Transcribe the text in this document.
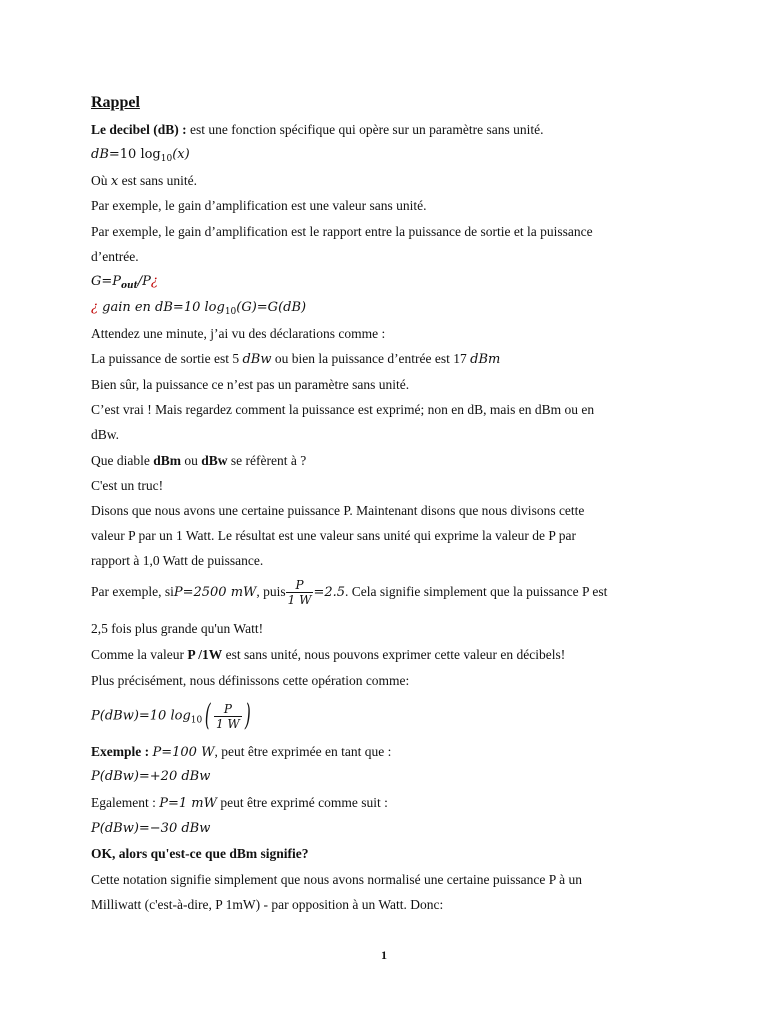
Rappel
Le decibel (dB) : est une fonction spécifique qui opère sur un paramètre sans unité.
dB=10 $\log_{10}(x)$
Où x est sans unité.
Par exemple, le gain d’amplification est une valeur sans unité.
Par exemple, le gain d’amplification est le rapport entre la puissance de sortie et la puissance
d’entrée.
$G=P_{out}/P¿$
¿ gain en dB=10 $\log_{10}(G)=G(dB)$
Attendez une minute, j’ai vu des déclarations comme :
La puissance de sortie est 5 dBw ou bien la puissance d’entrée est 17 dBm
Bien sûr, la puissance ce n’est pas un paramètre sans unité.
C’est vrai ! Mais regardez comment la puissance est exprimé; non en dB, mais en dBm ou en
dBw.
Que diable dBm ou dBw se réfèrent à ?
C'est un truc!
Disons que nous avons une certaine puissance P. Maintenant disons que nous divisons cette
valeur P par un 1 Watt. Le résultat est une valeur sans unité qui exprime la valeur de P par
rapport à 1,0 Watt de puissance.
Par exemple, siP=2500 mW, puis $\frac{P}{1 W} =2.5$. Cela signifie simplement que la puissance P est
2,5 fois plus grande qu'un Watt!
Comme la valeur P /1W est sans unité, nous pouvons exprimer cette valeur en décibels!
Plus précisément, nous définissons cette opération comme:
P(dBw)=10 $\log_{10}( \frac{P}{1 W}$ )
Exemple : P=100 W, peut être exprimée en tant que :
P(dBw)=+20 dBw
Egalement : P=1 mW peut être exprimé comme suit :
P(dBw)=−30 dBw
OK, alors qu'est-ce que dBm signifie?
Cette notation signifie simplement que nous avons normalisé une certaine puissance P à un
Milliwatt (c'est-à-dire, P 1mW) - par opposition à un Watt. Donc:
1
